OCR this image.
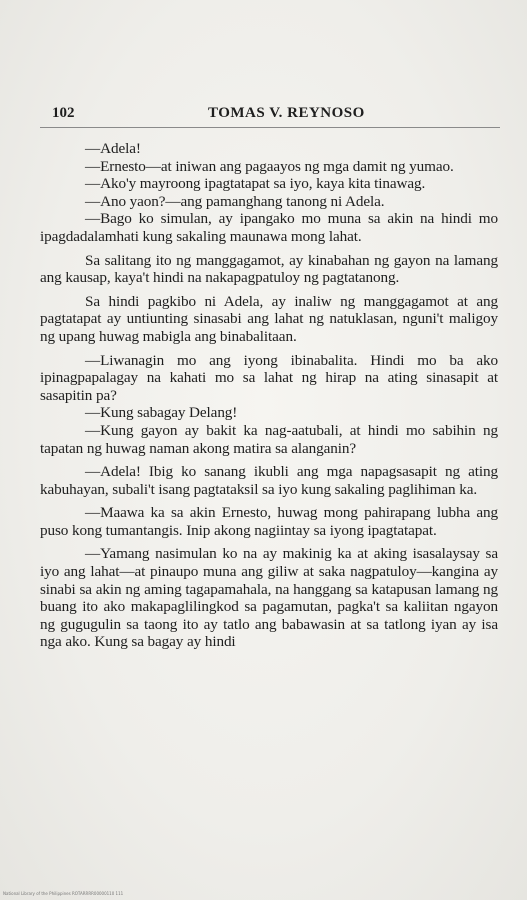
102	TOMAS V. REYNOSO

—Adela!

—Ernesto—at iniwan ang pagaayos ng mga damit ng yumao.

—Ako'y mayroong ipagtatapat sa iyo, kaya kita tinawag.

—Ano yaon?—ang pamanghang tanong ni Adela.

—Bago ko simulan, ay ipangako mo muna sa akin na hindi mo ipagdadalamhati kung sakaling maunawa mong lahat.

Sa salitang ito ng manggagamot, ay kinabahan ng gayon na lamang ang kausap, kaya't hindi na nakapagpatuloy ng pagtatanong.

Sa hindi pagkibo ni Adela, ay inaliw ng manggagamot at ang pagtatapat ay untiunting sinasabi ang lahat ng natuklasan, nguni't maligoy ng upang huwag mabigla ang binabalitaan.

—Liwanagin mo ang iyong ibinabalita. Hindi mo ba ako ipinagpapalagay na kahati mo sa lahat ng hirap na ating sinasapit at sasapitin pa?

—Kung sabagay Delang!

—Kung gayon ay bakit ka nag-aatubali, at hindi mo sabihin ng tapatan ng huwag naman akong matira sa alanganin?

—Adela! Ibig ko sanang ikubli ang mga napagsasapit ng ating kabuhayan, subali't isang pagtataksil sa iyo kung sakaling paglihiman ka.

—Maawa ka sa akin Ernesto, huwag mong pahirapang lubha ang puso kong tumantangis. Inip akong nagiintay sa iyong ipagtatapat.

—Yamang nasimulan ko na ay makinig ka at aking isasalaysay sa iyo ang lahat—at pinaupo muna ang giliw at saka nagpatuloy—kangina ay sinabi sa akin ng aming tagapamahala, na hanggang sa katapusan lamang ng buang ito ako makapaglilingkod sa pagamutan, pagka't sa kaliitan ngayon ng gugugulin sa taong ito ay tatlo ang babawasin at sa tatlong iyan ay isa nga ako. Kung sa bagay ay hindi

National Library of the Philippines ROTARRRR00000110 111
